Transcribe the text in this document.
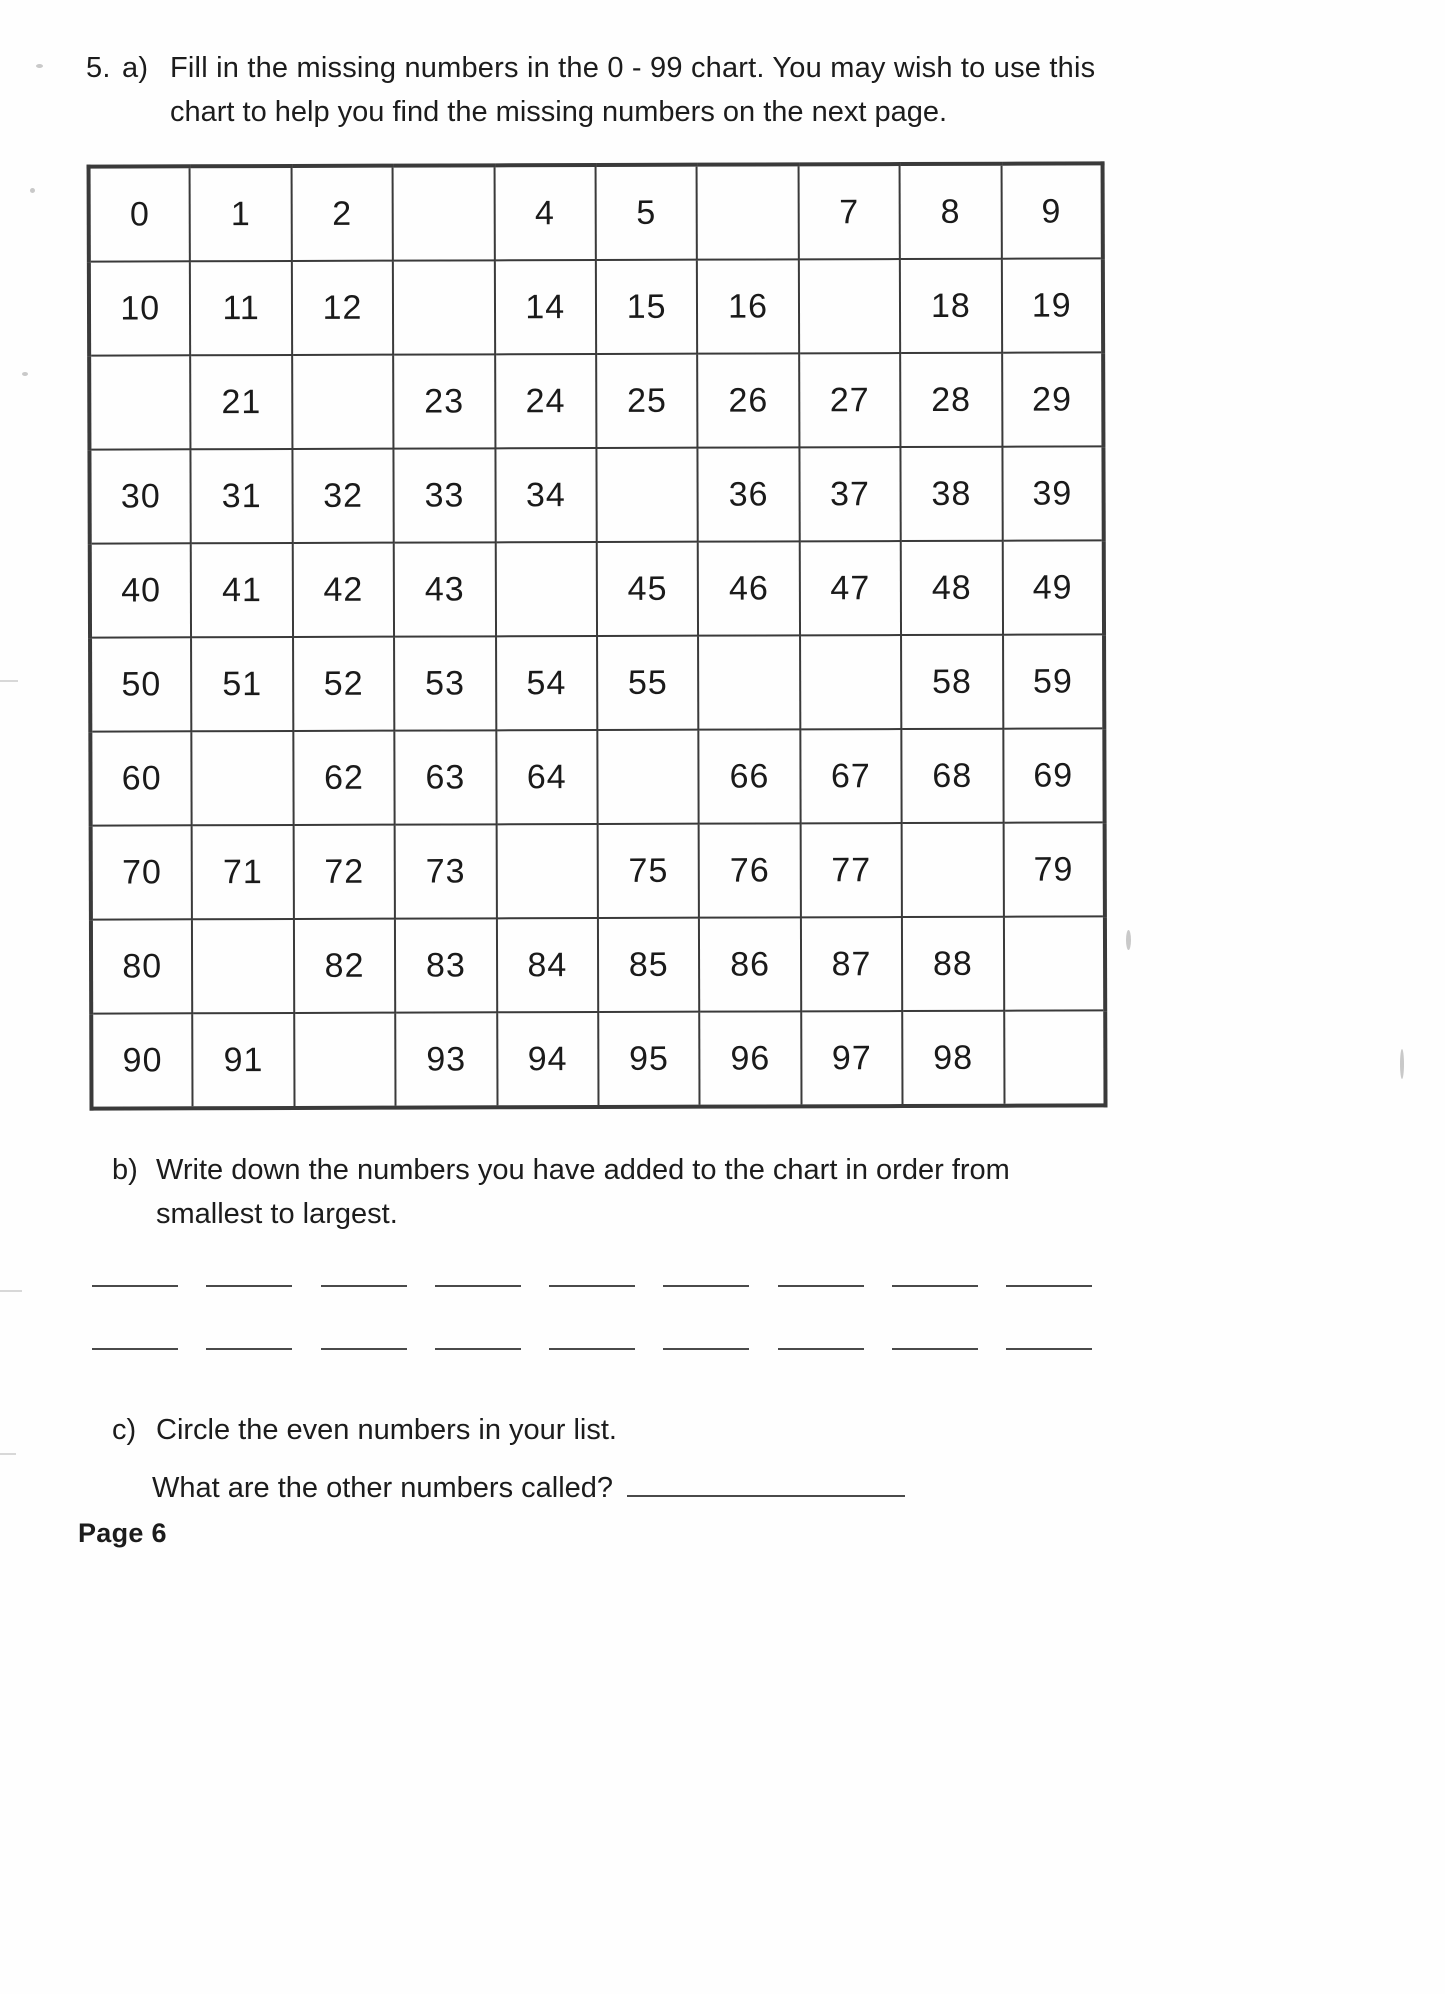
5. a) Fill in the missing numbers in the 0 - 99 chart. You may wish to use this
chart to help you find the missing numbers on the next page.
0	1	2		4	5		7	8	9
10	11	12		14	15	16		18	19
	21		23	24	25	26	27	28	29
30	31	32	33	34		36	37	38	39
40	41	42	43		45	46	47	48	49
50	51	52	53	54	55			58	59
60		62	63	64		66	67	68	69
70	71	72	73		75	76	77		79
80		82	83	84	85	86	87	88	
90	91		93	94	95	96	97	98	
b) Write down the numbers you have added to the chart in order from
smallest to largest.
c) Circle the even numbers in your list.
What are the other numbers called?
Page 6
